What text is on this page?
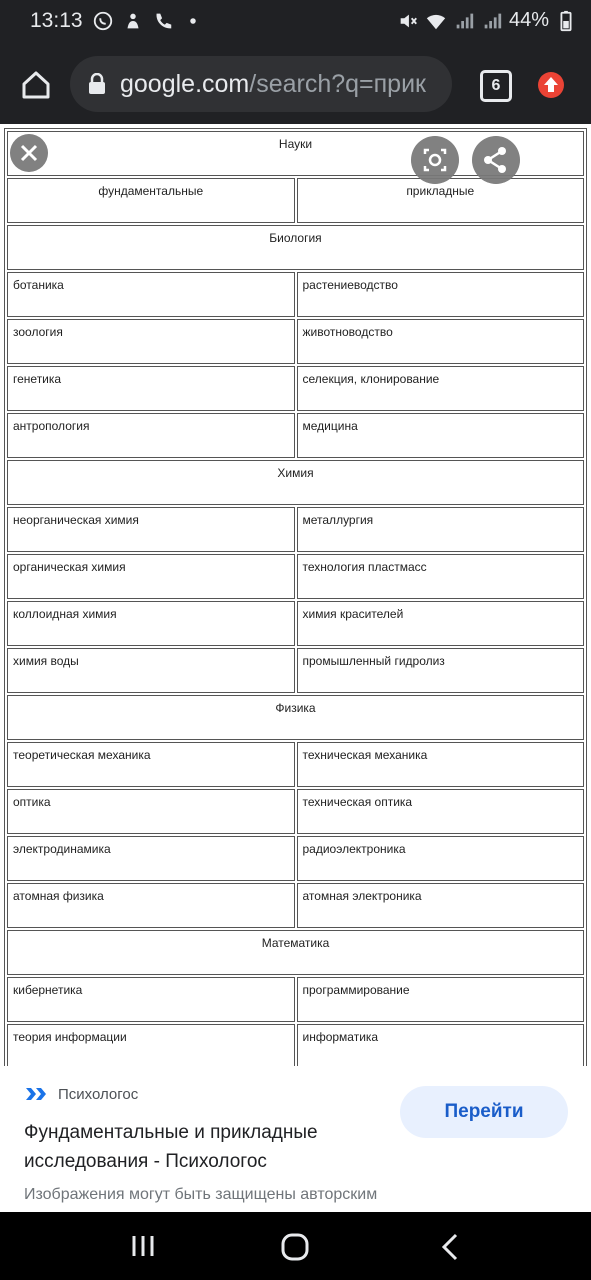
13:13	44%
google.com/search?q=прик	6
Науки	
фундаментальные	прикладные
Биология	
ботаника	растениеводство
зоология	животноводство
генетика	селекция, клонирование
антропология	медицина
Химия	
неорганическая химия	металлургия
органическая химия	технология пластмасс
коллоидная химия	химия красителей
химия воды	промышленный гидролиз
Физика	
теоретическая механика	техническая механика
оптика	техническая оптика
электродинамика	радиоэлектроника
атомная физика	атомная электроника
Математика	
кибернетика	программирование
теория информации	информатика

Психологос
Фундаментальные и прикладные исследования - Психологос
Перейти
Изображения могут быть защищены авторским
